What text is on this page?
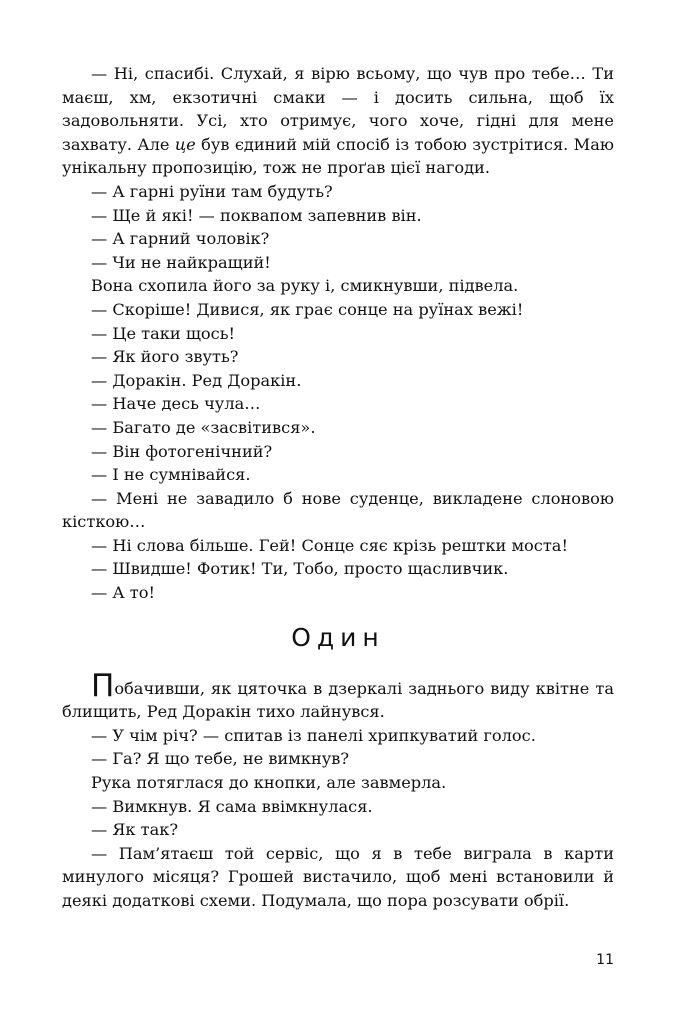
— Ні, спасибі. Слухай, я вірю всьому, що чув про тебе… Ти маєш, хм, екзотичні смаки — і досить сильна, щоб їх задовольняти. Усі, хто отримує, чого хоче, гідні для мене захвату. Але це був єдиний мій спосіб із тобою зустрітися. Маю унікальну пропозицію, тож не проґав цієї нагоди.

— А гарні руїни там будуть?

— Ще й які! — поквапом запевнив він.

— А гарний чоловік?

— Чи не найкращий!

Вона схопила його за руку і, смикнувши, підвела.

— Скоріше! Дивися, як грає сонце на руїнах вежі!

— Це таки щось!

— Як його звуть?

— Доракін. Ред Доракін.

— Наче десь чула…

— Багато де «засвітився».

— Він фотогенічний?

— І не сумнівайся.

— Мені не завадило б нове суденце, викладене слоновою кісткою…

— Ні слова більше. Гей! Сонце сяє крізь рештки моста!

— Швидше! Фотик! Ти, Тобо, просто щасливчик.

— А то!

Один

Побачивши, як цяточка в дзеркалі заднього виду квітне та блищить, Ред Доракін тихо лайнувся.

— У чім річ? — спитав із панелі хрипкуватий голос.

— Га? Я що тебе, не вимкнув?

Рука потяглася до кнопки, але завмерла.

— Вимкнув. Я сама ввімкнулася.

— Як так?

— Пам’ятаєш той сервіс, що я в тебе виграла в карти минулого місяця? Грошей вистачило, щоб мені встановили й деякі додаткові схеми. Подумала, що пора розсувати обрії.

11
